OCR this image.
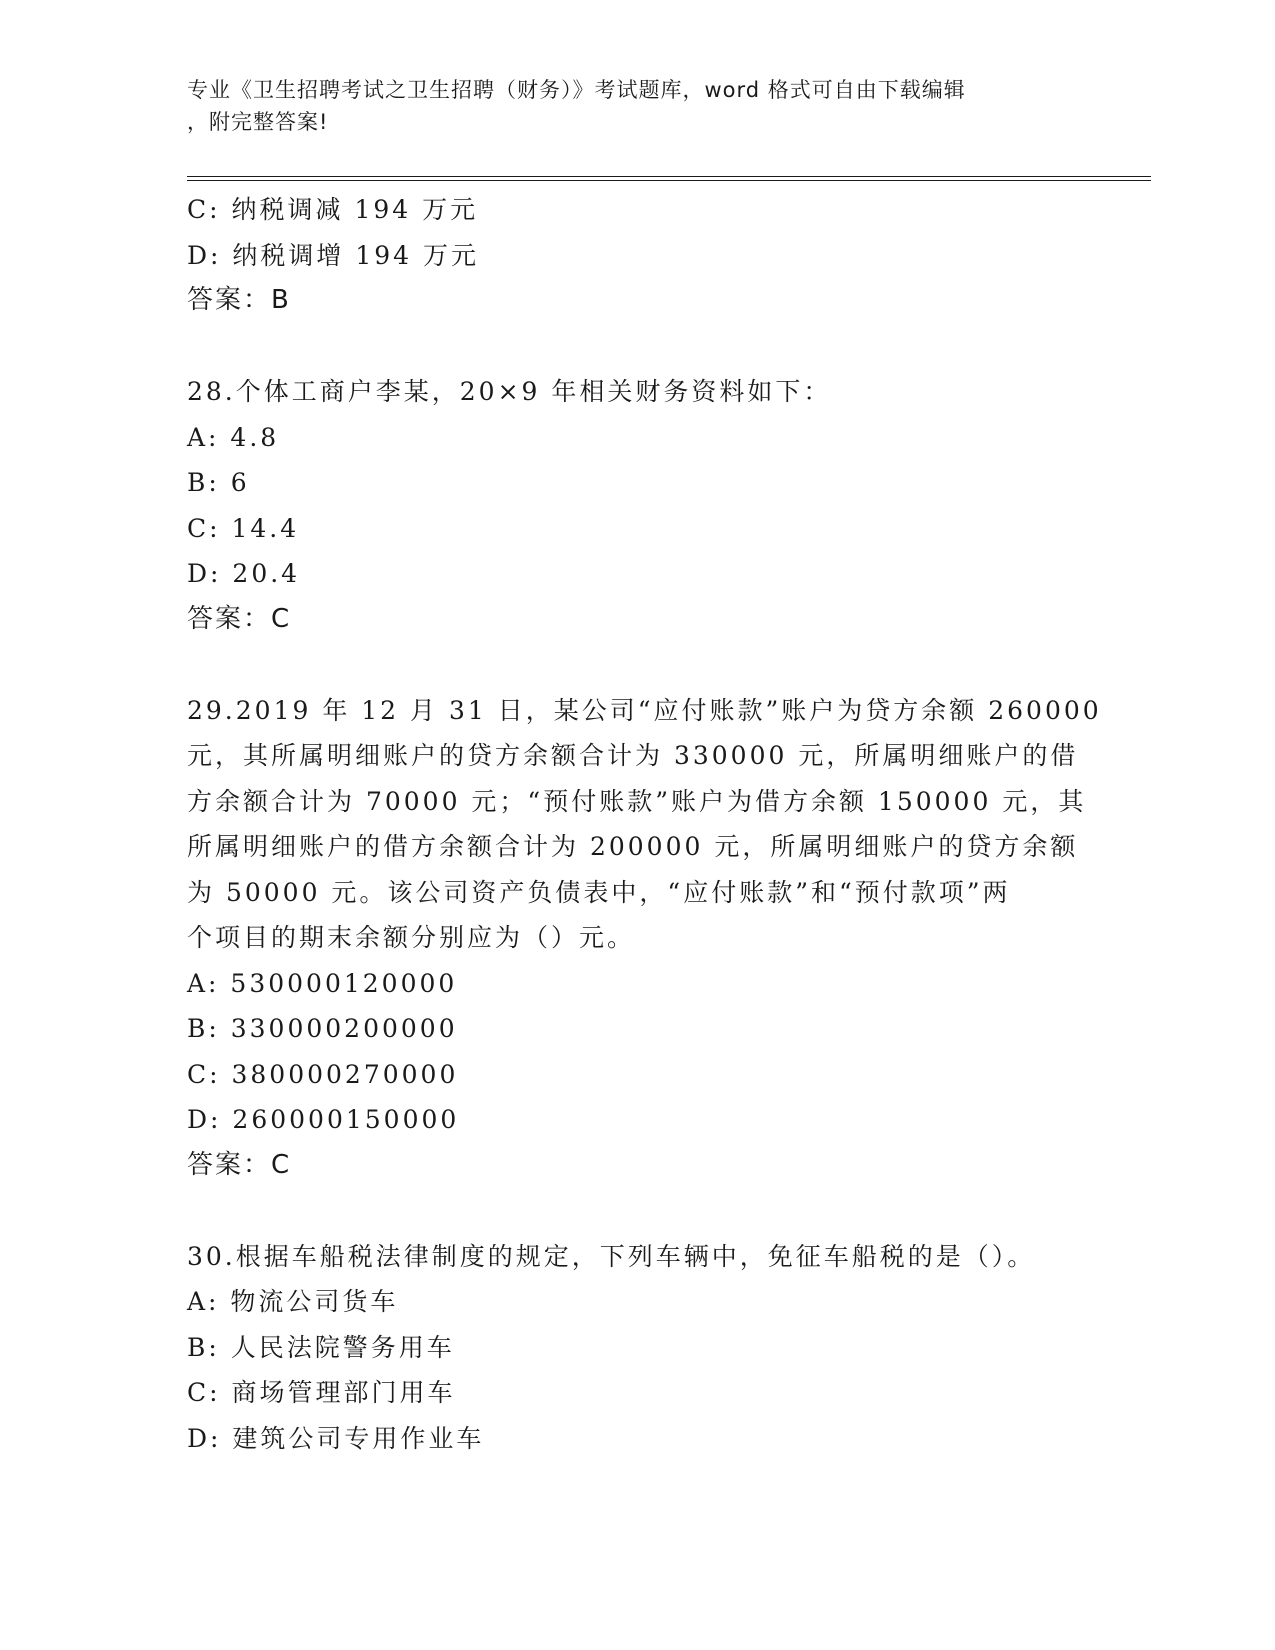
专业《卫生招聘考试之卫生招聘（财务）》考试题库，word 格式可自由下载编辑
，附完整答案!
C: 纳税调减 194 万元
D: 纳税调增 194 万元
答案：B
28.个体工商户李某，20×9 年相关财务资料如下：
A: 4.8
B: 6
C: 14.4
D: 20.4
答案：C
29.2019 年 12 月 31 日，某公司“应付账款”账户为贷方余额 260000
元，其所属明细账户的贷方余额合计为 330000 元，所属明细账户的借
方余额合计为 70000 元；“预付账款”账户为借方余额 150000 元，其
所属明细账户的借方余额合计为 200000 元，所属明细账户的贷方余额
为 50000 元。该公司资产负债表中，“应付账款”和“预付款项”两
个项目的期末余额分别应为（）元。
A: 530000120000
B: 330000200000
C: 380000270000
D: 260000150000
答案：C
30.根据车船税法律制度的规定，下列车辆中，免征车船税的是（）。
A: 物流公司货车
B: 人民法院警务用车
C: 商场管理部门用车
D: 建筑公司专用作业车
